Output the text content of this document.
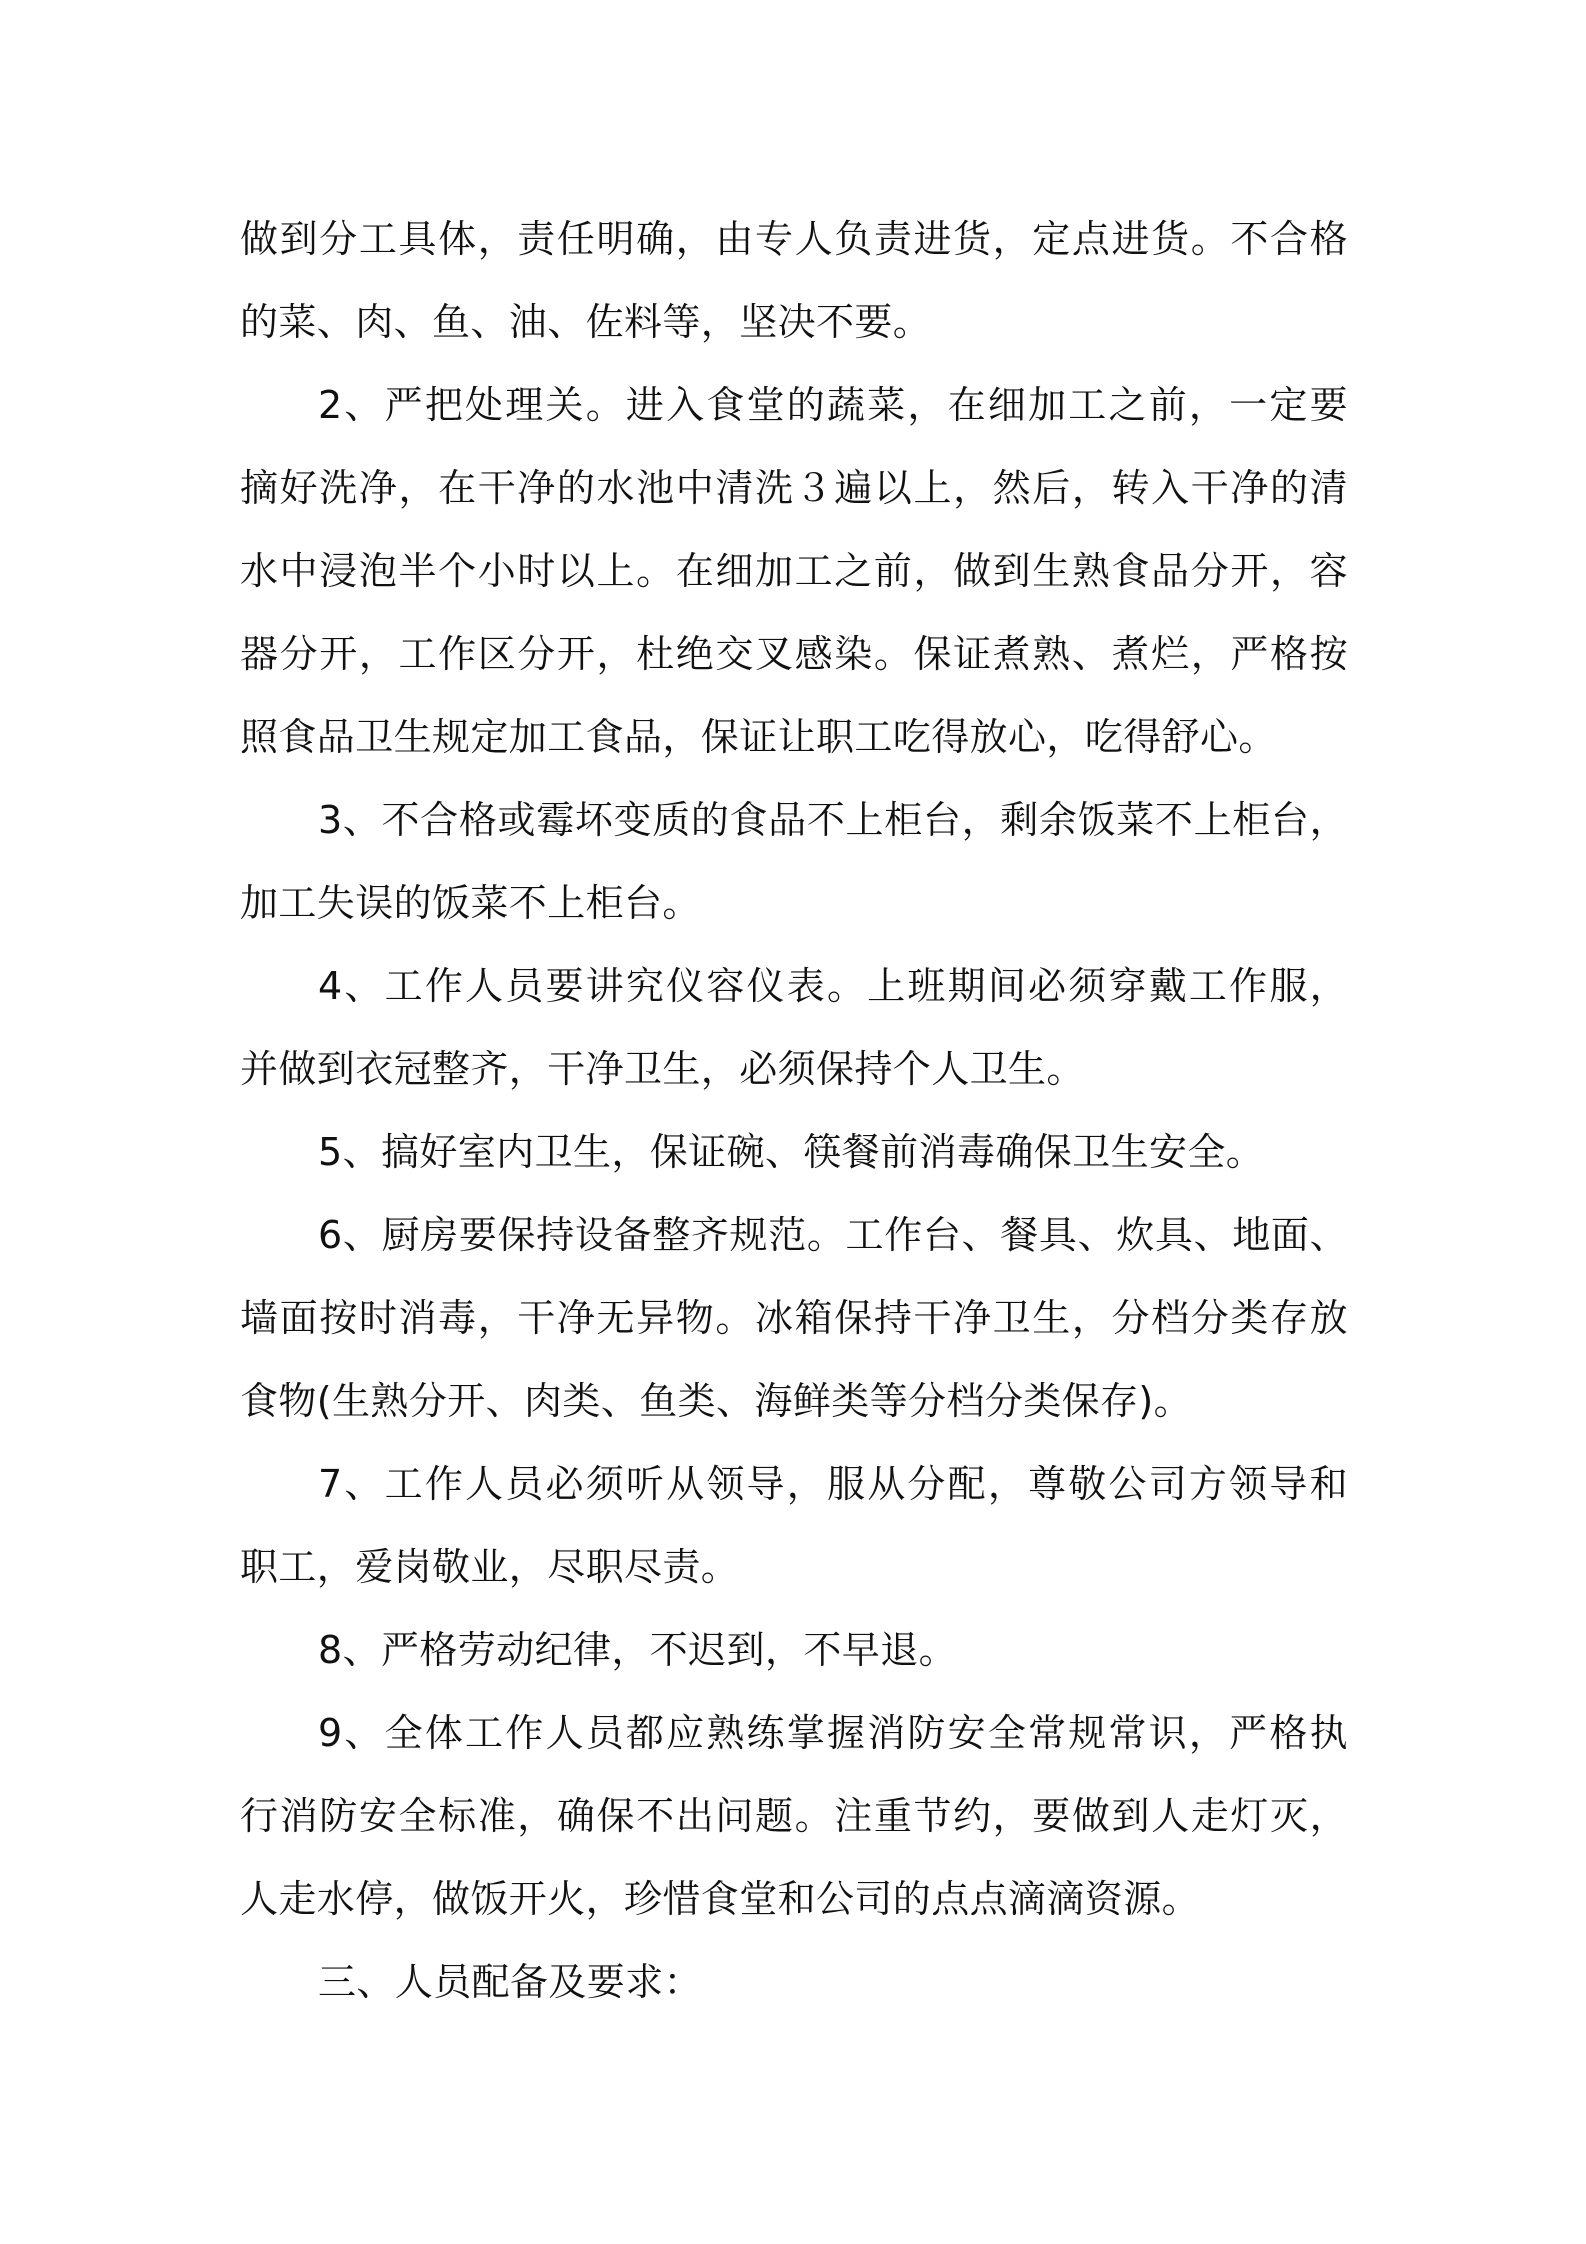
做到分工具体，责任明确，由专人负责进货，定点进货。不合格
的菜、肉、鱼、油、佐料等，坚决不要。
2、严把处理关。进入食堂的蔬菜，在细加工之前，一定要
摘好洗净，在干净的水池中清洗３遍以上，然后，转入干净的清
水中浸泡半个小时以上。在细加工之前，做到生熟食品分开，容
器分开，工作区分开，杜绝交叉感染。保证煮熟、煮烂，严格按
照食品卫生规定加工食品，保证让职工吃得放心，吃得舒心。
3、不合格或霉坏变质的食品不上柜台，剩余饭菜不上柜台，
加工失误的饭菜不上柜台。
4、工作人员要讲究仪容仪表。上班期间必须穿戴工作服，
并做到衣冠整齐，干净卫生，必须保持个人卫生。
5、搞好室内卫生，保证碗、筷餐前消毒确保卫生安全。
6、厨房要保持设备整齐规范。工作台、餐具、炊具、地面、
墙面按时消毒，干净无异物。冰箱保持干净卫生，分档分类存放
食物(生熟分开、肉类、鱼类、海鲜类等分档分类保存)。
7、工作人员必须听从领导，服从分配，尊敬公司方领导和
职工，爱岗敬业，尽职尽责。
8、严格劳动纪律，不迟到，不早退。
9、全体工作人员都应熟练掌握消防安全常规常识，严格执
行消防安全标准，确保不出问题。注重节约，要做到人走灯灭，
人走水停，做饭开火，珍惜食堂和公司的点点滴滴资源。
三、人员配备及要求：
